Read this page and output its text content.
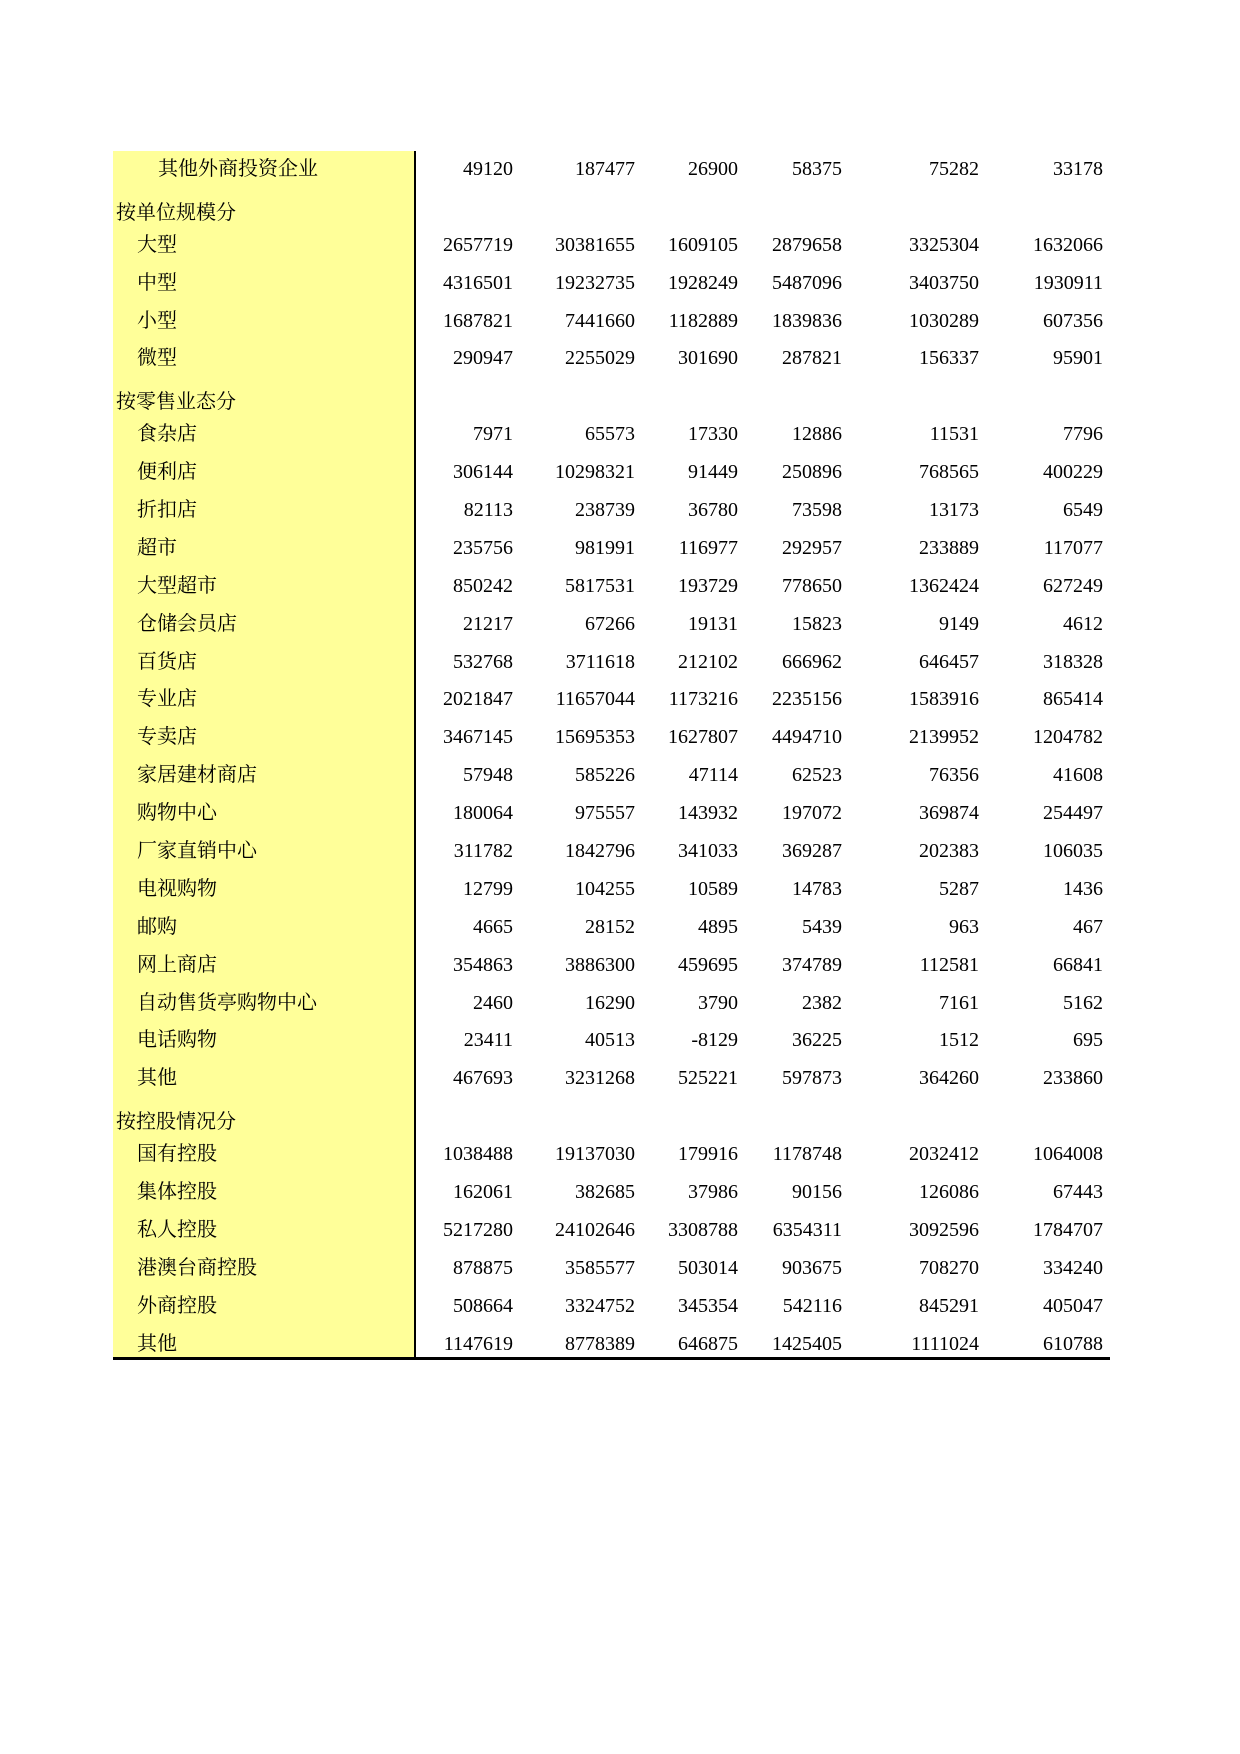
其他外商投资企业	49120	187477	26900	58375	75282	33178
按单位规模分
大型	2657719	30381655	1609105	2879658	3325304	1632066
中型	4316501	19232735	1928249	5487096	3403750	1930911
小型	1687821	7441660	1182889	1839836	1030289	607356
微型	290947	2255029	301690	287821	156337	95901
按零售业态分
食杂店	7971	65573	17330	12886	11531	7796
便利店	306144	10298321	91449	250896	768565	400229
折扣店	82113	238739	36780	73598	13173	6549
超市	235756	981991	116977	292957	233889	117077
大型超市	850242	5817531	193729	778650	1362424	627249
仓储会员店	21217	67266	19131	15823	9149	4612
百货店	532768	3711618	212102	666962	646457	318328
专业店	2021847	11657044	1173216	2235156	1583916	865414
专卖店	3467145	15695353	1627807	4494710	2139952	1204782
家居建材商店	57948	585226	47114	62523	76356	41608
购物中心	180064	975557	143932	197072	369874	254497
厂家直销中心	311782	1842796	341033	369287	202383	106035
电视购物	12799	104255	10589	14783	5287	1436
邮购	4665	28152	4895	5439	963	467
网上商店	354863	3886300	459695	374789	112581	66841
自动售货亭购物中心	2460	16290	3790	2382	7161	5162
电话购物	23411	40513	-8129	36225	1512	695
其他	467693	3231268	525221	597873	364260	233860
按控股情况分
国有控股	1038488	19137030	179916	1178748	2032412	1064008
集体控股	162061	382685	37986	90156	126086	67443
私人控股	5217280	24102646	3308788	6354311	3092596	1784707
港澳台商控股	878875	3585577	503014	903675	708270	334240
外商控股	508664	3324752	345354	542116	845291	405047
其他	1147619	8778389	646875	1425405	1111024	610788
